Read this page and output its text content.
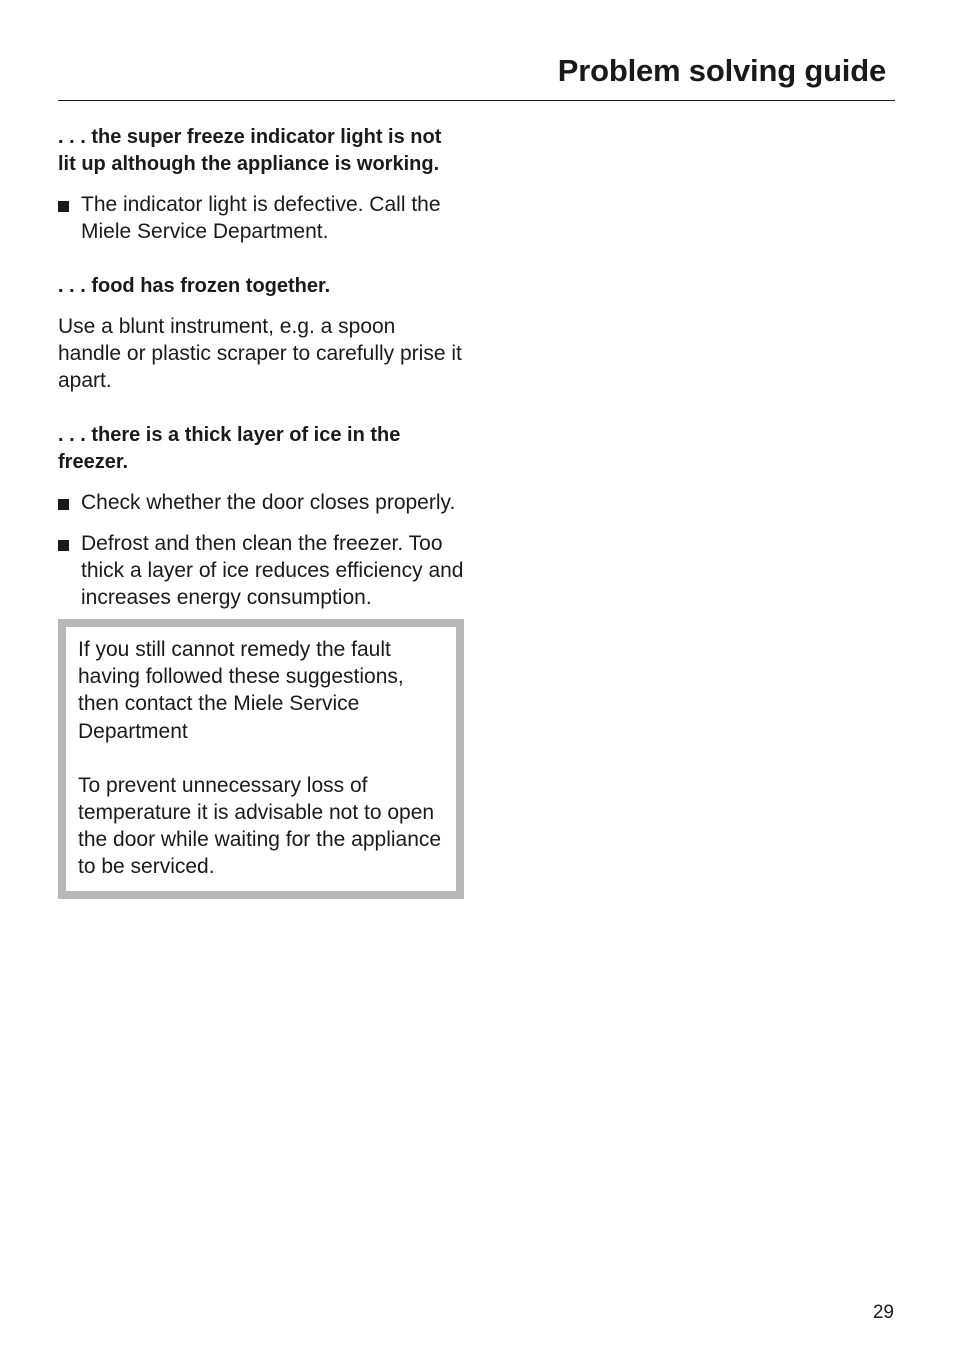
Problem solving guide

. . . the super freeze indicator light is not lit up although the appliance is working.

The indicator light is defective. Call the Miele Service Department.

. . . food has frozen together.

Use a blunt instrument, e.g. a spoon handle or plastic scraper to carefully prise it apart.

. . . there is a thick layer of ice in the freezer.

Check whether the door closes properly.
Defrost and then clean the freezer. Too thick a layer of ice reduces efficiency and increases energy consumption.

If you still cannot remedy the fault having followed these suggestions, then contact the Miele Service Department

To prevent unnecessary loss of temperature it is advisable not to open the door while waiting for the appliance to be serviced.

29
